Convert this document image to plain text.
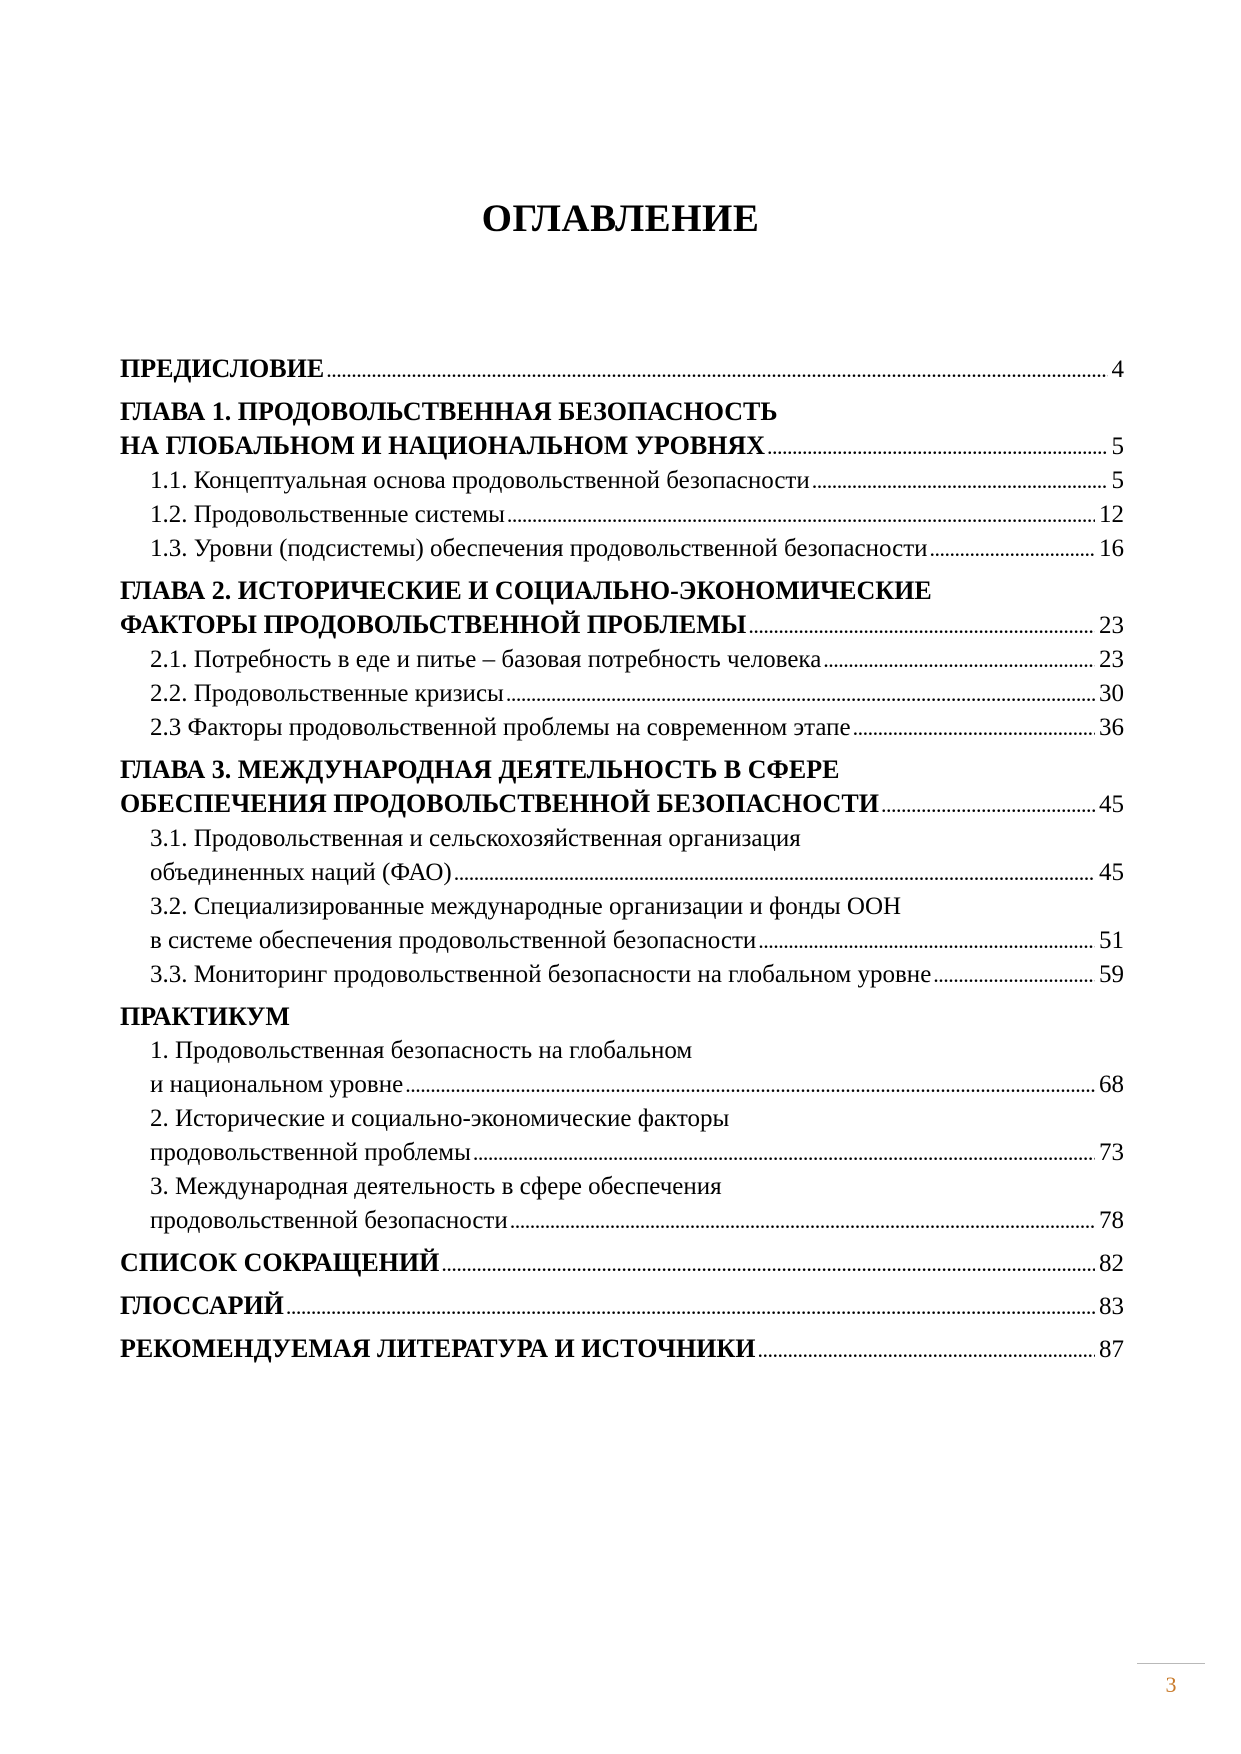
ОГЛАВЛЕНИЕ
ПРЕДИСЛОВИЕ . . .	4
ГЛАВА 1. ПРОДОВОЛЬСТВЕННАЯ БЕЗОПАСНОСТЬ
НА ГЛОБАЛЬНОМ И НАЦИОНАЛЬНОМ УРОВНЯХ . . .	5
1.1. Концептуальная основа продовольственной безопасности . . .	5
1.2. Продовольственные системы . . .	12
1.3. Уровни (подсистемы) обеспечения продовольственной безопасности . . .	16
ГЛАВА 2. ИСТОРИЧЕСКИЕ И СОЦИАЛЬНО-ЭКОНОМИЧЕСКИЕ
ФАКТОРЫ ПРОДОВОЛЬСТВЕННОЙ ПРОБЛЕМЫ . . .	23
2.1. Потребность в еде и питье – базовая потребность человека . . .	23
2.2. Продовольственные кризисы . . .	30
2.3 Факторы продовольственной проблемы на современном этапе . . .	36
ГЛАВА 3. МЕЖДУНАРОДНАЯ ДЕЯТЕЛЬНОСТЬ В СФЕРЕ
ОБЕСПЕЧЕНИЯ ПРОДОВОЛЬСТВЕННОЙ БЕЗОПАСНОСТИ . . .	45
3.1. Продовольственная и сельскохозяйственная организация
объединенных наций (ФАО) . . .	45
3.2. Специализированные международные организации и фонды ООН
в системе обеспечения продовольственной безопасности . . .	51
3.3. Мониторинг продовольственной безопасности на глобальном уровне . . .	59
ПРАКТИКУМ
1. Продовольственная безопасность на глобальном
и национальном уровне . . .	68
2. Исторические и социально-экономические факторы
продовольственной проблемы . . .	73
3. Международная деятельность в сфере обеспечения
продовольственной безопасности . . .	78
СПИСОК СОКРАЩЕНИЙ . . .	82
ГЛОССАРИЙ . . .	83
РЕКОМЕНДУЕМАЯ ЛИТЕРАТУРА И ИСТОЧНИКИ . . .	87
3
